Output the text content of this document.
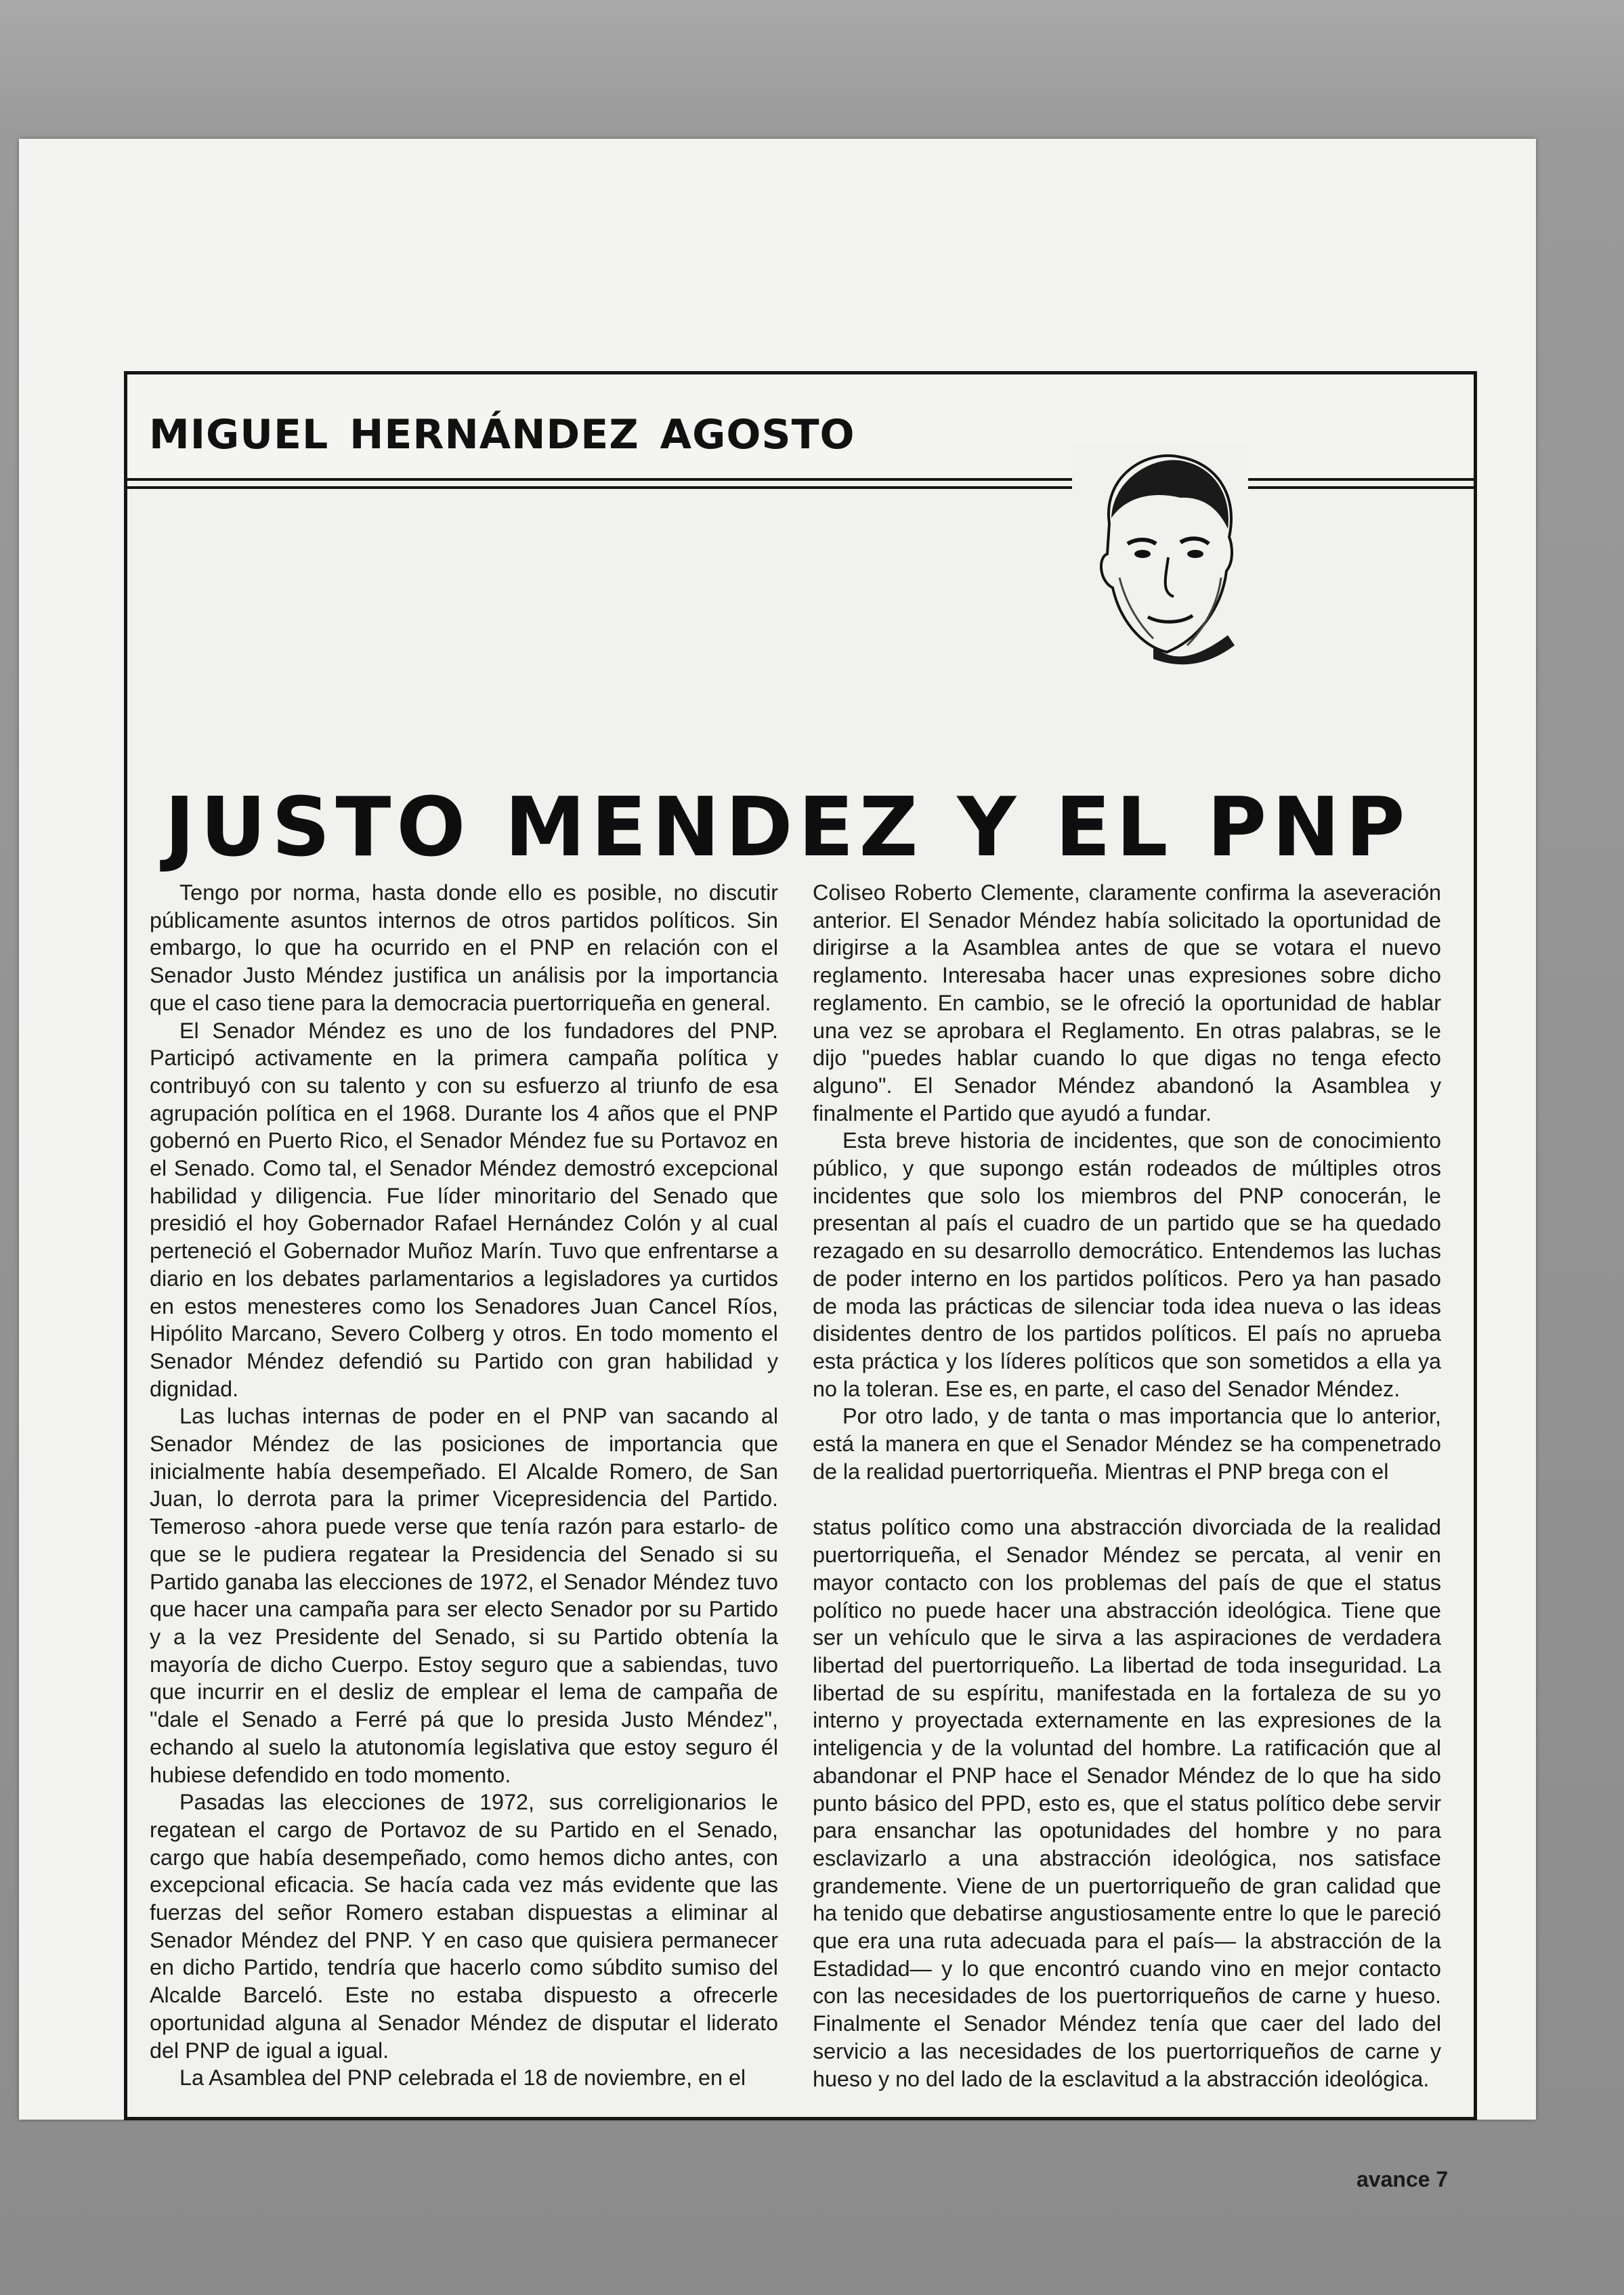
miguel hernández agosto
JUSTO MENDEZ Y EL PNP

Tengo por norma, hasta donde ello es posible, no discutir públicamente asuntos internos de otros partidos políticos. Sin embargo, lo que ha ocurrido en el PNP en relación con el Senador Justo Méndez justifica un análisis por la importancia que el caso tiene para la democracia puertorriqueña en general.

El Senador Méndez es uno de los fundadores del PNP. Participó activamente en la primera campaña política y contribuyó con su talento y con su esfuerzo al triunfo de esa agrupación política en el 1968. Durante los 4 años que el PNP gobernó en Puerto Rico, el Senador Méndez fue su Portavoz en el Senado. Como tal, el Senador Méndez demostró excepcional habilidad y diligencia. Fue líder minoritario del Senado que presidió el hoy Gobernador Rafael Hernández Colón y al cual perteneció el Gobernador Muñoz Marín. Tuvo que enfrentarse a diario en los debates parlamentarios a legisladores ya curtidos en estos menesteres como los Senadores Juan Cancel Ríos, Hipólito Marcano, Severo Colberg y otros. En todo momento el Senador Méndez defendió su Partido con gran habilidad y dignidad.

Las luchas internas de poder en el PNP van sacando al Senador Méndez de las posiciones de importancia que inicialmente había desempeñado. El Alcalde Romero, de San Juan, lo derrota para la primer Vicepresidencia del Partido. Temeroso -ahora puede verse que tenía razón para estarlo- de que se le pudiera regatear la Presidencia del Senado si su Partido ganaba las elecciones de 1972, el Senador Méndez tuvo que hacer una campaña para ser electo Senador por su Partido y a la vez Presidente del Senado, si su Partido obtenía la mayoría de dicho Cuerpo. Estoy seguro que a sabiendas, tuvo que incurrir en el desliz de emplear el lema de campaña de "dale el Senado a Ferré pá que lo presida Justo Méndez", echando al suelo la atutonomía legislativa que estoy seguro él hubiese defendido en todo momento.

Pasadas las elecciones de 1972, sus correligionarios le regatean el cargo de Portavoz de su Partido en el Senado, cargo que había desempeñado, como hemos dicho antes, con excepcional eficacia. Se hacía cada vez más evidente que las fuerzas del señor Romero estaban dispuestas a eliminar al Senador Méndez del PNP. Y en caso que quisiera permanecer en dicho Partido, tendría que hacerlo como súbdito sumiso del Alcalde Barceló. Este no estaba dispuesto a ofrecerle oportunidad alguna al Senador Méndez de disputar el liderato del PNP de igual a igual.

La Asamblea del PNP celebrada el 18 de noviembre, en el

Coliseo Roberto Clemente, claramente confirma la aseveración anterior. El Senador Méndez había solicitado la oportunidad de dirigirse a la Asamblea antes de que se votara el nuevo reglamento. Interesaba hacer unas expresiones sobre dicho reglamento. En cambio, se le ofreció la oportunidad de hablar una vez se aprobara el Reglamento. En otras palabras, se le dijo "puedes hablar cuando lo que digas no tenga efecto alguno". El Senador Méndez abandonó la Asamblea y finalmente el Partido que ayudó a fundar.

Esta breve historia de incidentes, que son de conocimiento público, y que supongo están rodeados de múltiples otros incidentes que solo los miembros del PNP conocerán, le presentan al país el cuadro de un partido que se ha quedado rezagado en su desarrollo democrático. Entendemos las luchas de poder interno en los partidos políticos. Pero ya han pasado de moda las prácticas de silenciar toda idea nueva o las ideas disidentes dentro de los partidos políticos. El país no aprueba esta práctica y los líderes políticos que son sometidos a ella ya no la toleran. Ese es, en parte, el caso del Senador Méndez.

Por otro lado, y de tanta o mas importancia que lo anterior, está la manera en que el Senador Méndez se ha compenetrado de la realidad puertorriqueña. Mientras el PNP brega con el

status político como una abstracción divorciada de la realidad puertorriqueña, el Senador Méndez se percata, al venir en mayor contacto con los problemas del país de que el status político no puede hacer una abstracción ideológica. Tiene que ser un vehículo que le sirva a las aspiraciones de verdadera libertad del puertorriqueño. La libertad de toda inseguridad. La libertad de su espíritu, manifestada en la fortaleza de su yo interno y proyectada externamente en las expresiones de la inteligencia y de la voluntad del hombre. La ratificación que al abandonar el PNP hace el Senador Méndez de lo que ha sido punto básico del PPD, esto es, que el status político debe servir para ensanchar las opotunidades del hombre y no para esclavizarlo a una abstracción ideológica, nos satisface grandemente. Viene de un puertorriqueño de gran calidad que ha tenido que debatirse angustiosamente entre lo que le pareció que era una ruta adecuada para el país— la abstracción de la Estadidad— y lo que encontró cuando vino en mejor contacto con las necesidades de los puertorriqueños de carne y hueso. Finalmente el Senador Méndez tenía que caer del lado del servicio a las necesidades de los puertorriqueños de carne y hueso y no del lado de la esclavitud a la abstracción ideológica.

avance 7
